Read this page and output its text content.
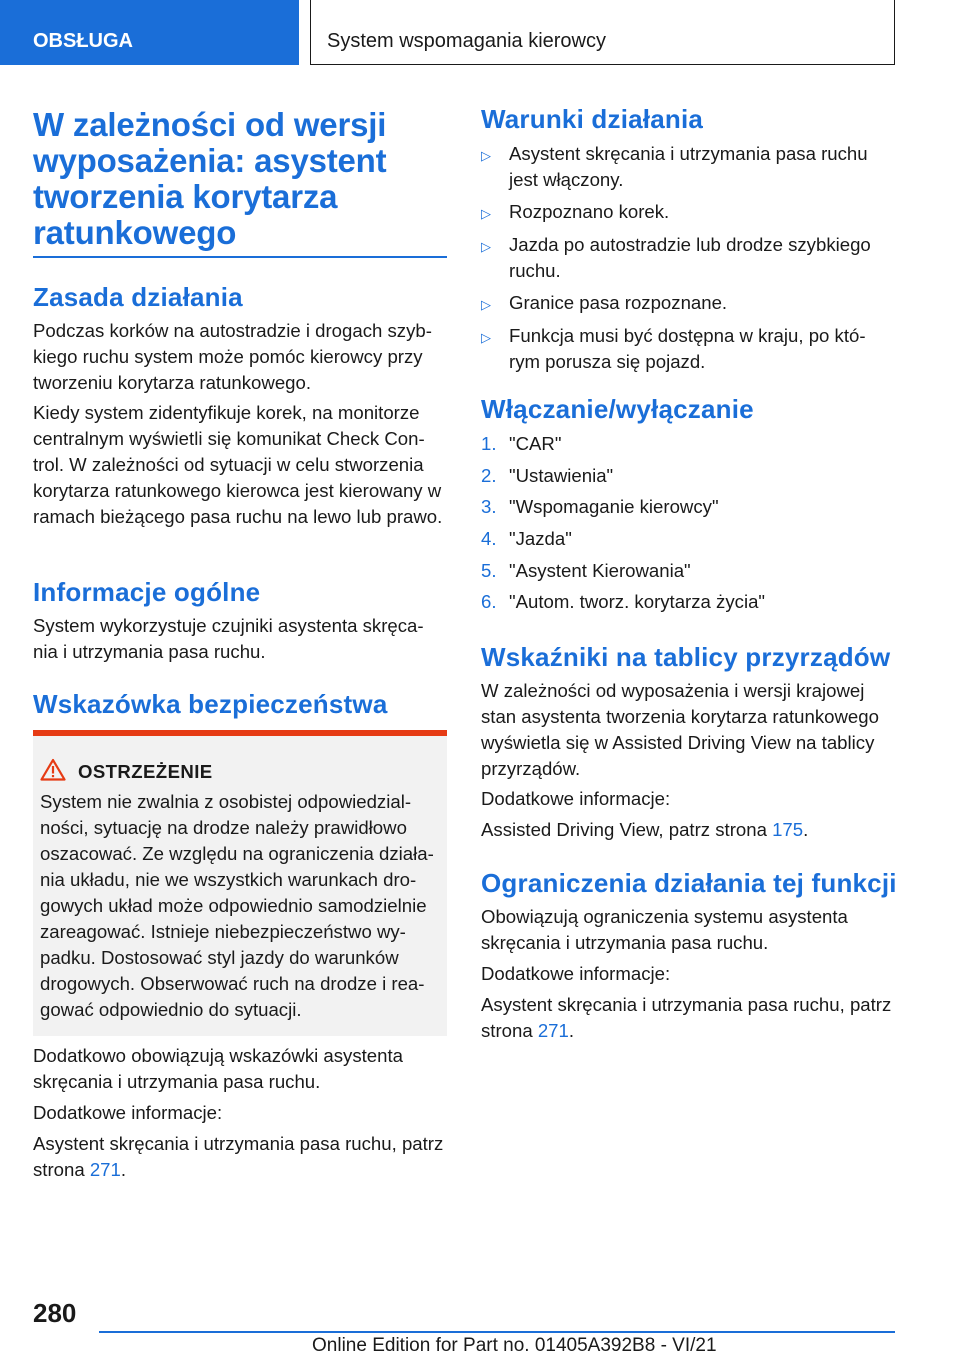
OBSŁUGA	System wspomagania kierowcy
W zależności od wersji wyposażenia: asystent tworzenia korytarza ratunkowego
Zasada działania

Podczas korków na autostradzie i drogach szyb-kiego ruchu system może pomóc kierowcy przy tworzeniu korytarza ratunkowego.

Kiedy system zidentyfikuje korek, na monitorze centralnym wyświetli się komunikat Check Con-trol. W zależności od sytuacji w celu stworzenia korytarza ratunkowego kierowca jest kierowany w ramach bieżącego pasa ruchu na lewo lub prawo.

Informacje ogólne

System wykorzystuje czujniki asystenta skręca-nia i utrzymania pasa ruchu.

Wskazówka bezpieczeństwa
OSTRZEŻENIE

System nie zwalnia z osobistej odpowiedzial-ności, sytuację na drodze należy prawidłowo oszacować. Ze względu na ograniczenia działa-nia układu, nie we wszystkich warunkach dro-gowych układ może odpowiednio samodzielnie zareagować. Istnieje niebezpieczeństwo wy-padku. Dostosować styl jazdy do warunków drogowych. Obserwować ruch na drodze i rea-gować odpowiednio do sytuacji.

Dodatkowo obowiązują wskazówki asystenta skręcania i utrzymania pasa ruchu.

Dodatkowe informacje:

Asystent skręcania i utrzymania pasa ruchu, patrz strona 271.

Warunki działania
▷ Asystent skręcania i utrzymania pasa ruchu jest włączony.
▷ Rozpoznano korek.
▷ Jazda po autostradzie lub drodze szybkiego ruchu.
▷ Granice pasa rozpoznane.
▷ Funkcja musi być dostępna w kraju, po któ-rym porusza się pojazd.
Włączanie/wyłączanie
1. "CAR"
2. "Ustawienia"
3. "Wspomaganie kierowcy"
4. "Jazda"
5. "Asystent Kierowania"
6. "Autom. tworz. korytarza życia"
Wskaźniki na tablicy przyrządów

W zależności od wyposażenia i wersji krajowej stan asystenta tworzenia korytarza ratunkowego wyświetla się w Assisted Driving View na tablicy przyrządów.

Dodatkowe informacje:

Assisted Driving View, patrz strona 175.

Ograniczenia działania tej funkcji

Obowiązują ograniczenia systemu asystenta skręcania i utrzymania pasa ruchu.

Dodatkowe informacje:

Asystent skręcania i utrzymania pasa ruchu, patrz strona 271.

280
Online Edition for Part no. 01405A392B8 - VI/21
